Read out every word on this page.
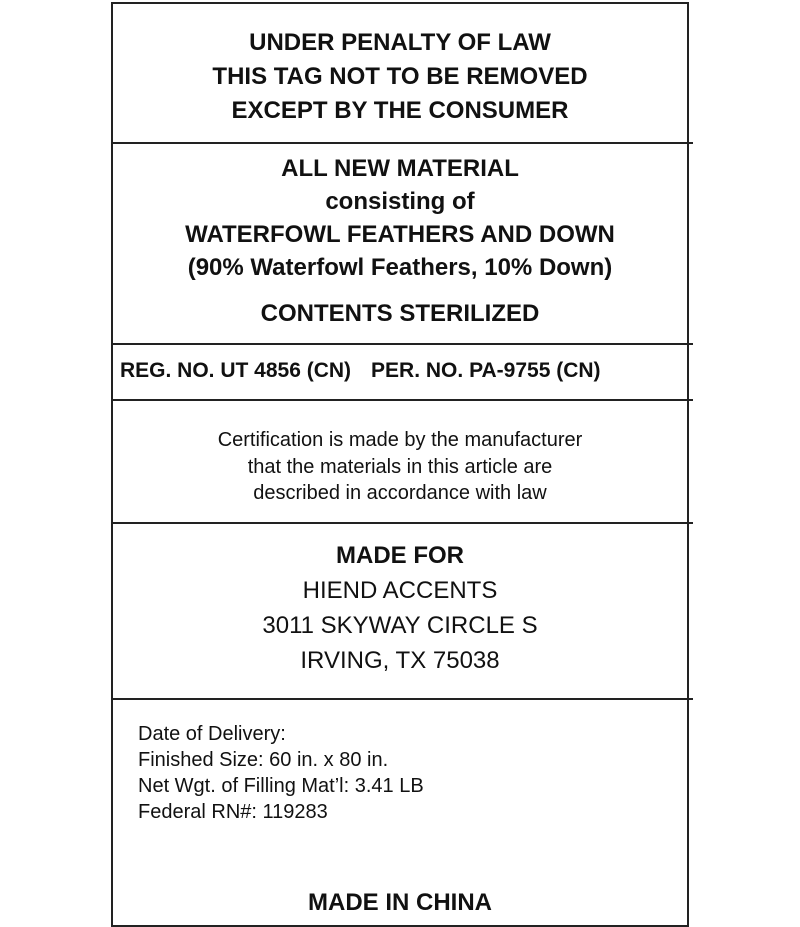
UNDER PENALTY OF LAW
THIS TAG NOT TO BE REMOVED
EXCEPT BY THE CONSUMER
ALL NEW MATERIAL
consisting of
WATERFOWL FEATHERS AND DOWN
(90% Waterfowl Feathers, 10% Down)
CONTENTS STERILIZED
REG. NO. UT 4856 (CN) PER. NO. PA-9755 (CN)
Certification is made by the manufacturer
that the materials in this article are
described in accordance with law
MADE FOR
HIEND ACCENTS
3011 SKYWAY CIRCLE S
IRVING, TX 75038
Date of Delivery:
Finished Size: 60 in. x 80 in.
Net Wgt. of Filling Mat’l: 3.41 LB
Federal RN#: 119283
MADE IN CHINA
